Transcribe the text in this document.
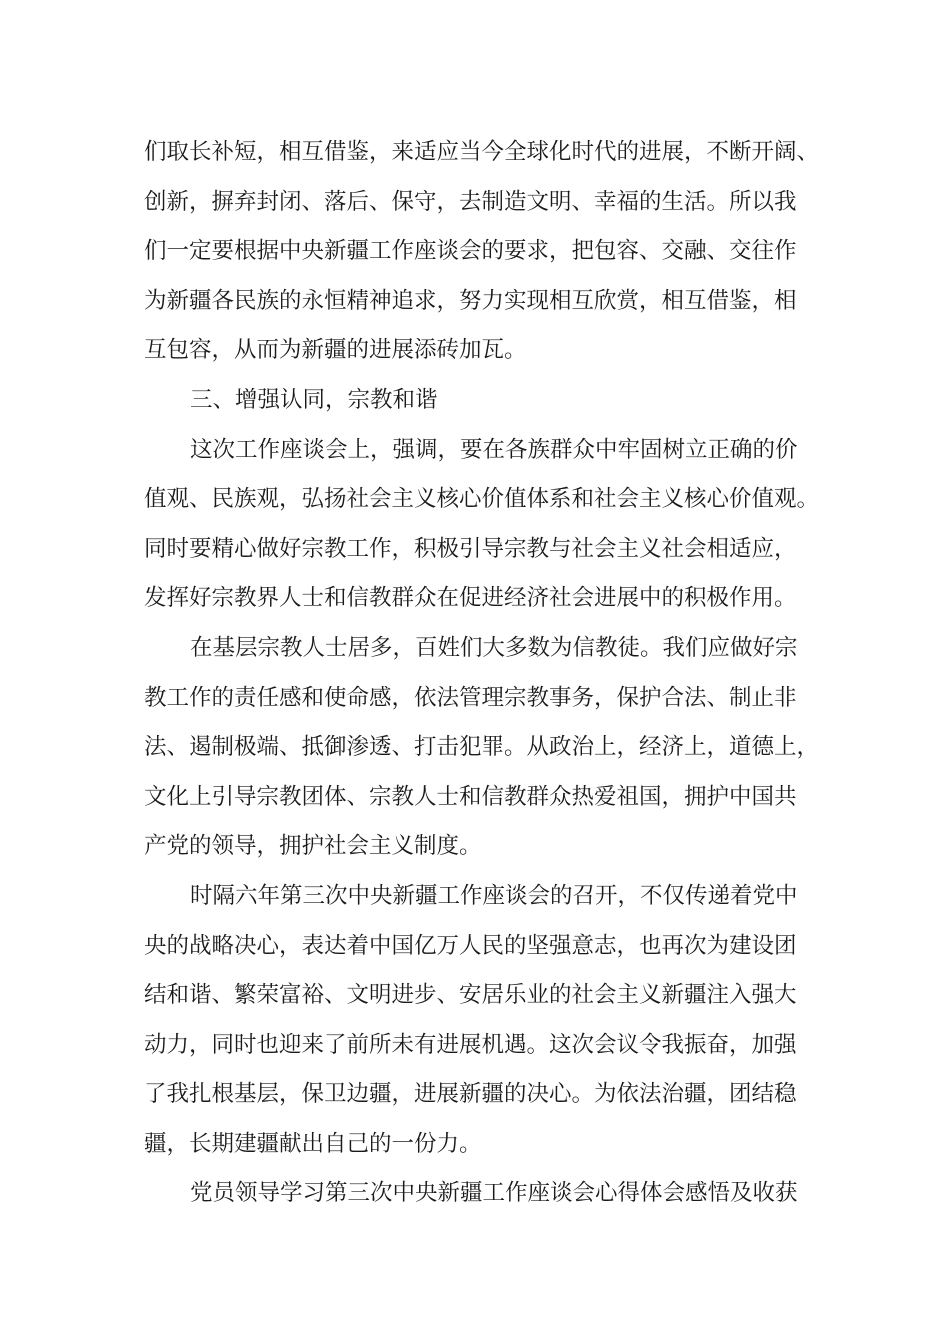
们取长补短，相互借鉴，来适应当今全球化时代的进展，不断开阔、
创新，摒弃封闭、落后、保守，去制造文明、幸福的生活。所以我
们一定要根据中央新疆工作座谈会的要求，把包容、交融、交往作
为新疆各民族的永恒精神追求，努力实现相互欣赏，相互借鉴，相
互包容，从而为新疆的进展添砖加瓦。
三、增强认同，宗教和谐
这次工作座谈会上，强调，要在各族群众中牢固树立正确的价
值观、民族观，弘扬社会主义核心价值体系和社会主义核心价值观。
同时要精心做好宗教工作，积极引导宗教与社会主义社会相适应，
发挥好宗教界人士和信教群众在促进经济社会进展中的积极作用。
在基层宗教人士居多，百姓们大多数为信教徒。我们应做好宗
教工作的责任感和使命感，依法管理宗教事务，保护合法、制止非
法、遏制极端、抵御渗透、打击犯罪。从政治上，经济上，道德上，
文化上引导宗教团体、宗教人士和信教群众热爱祖国，拥护中国共
产党的领导，拥护社会主义制度。
时隔六年第三次中央新疆工作座谈会的召开，不仅传递着党中
央的战略决心，表达着中国亿万人民的坚强意志，也再次为建设团
结和谐、繁荣富裕、文明进步、安居乐业的社会主义新疆注入强大
动力，同时也迎来了前所未有进展机遇。这次会议令我振奋，加强
了我扎根基层，保卫边疆，进展新疆的决心。为依法治疆，团结稳
疆，长期建疆献出自己的一份力。
党员领导学习第三次中央新疆工作座谈会心得体会感悟及收获
